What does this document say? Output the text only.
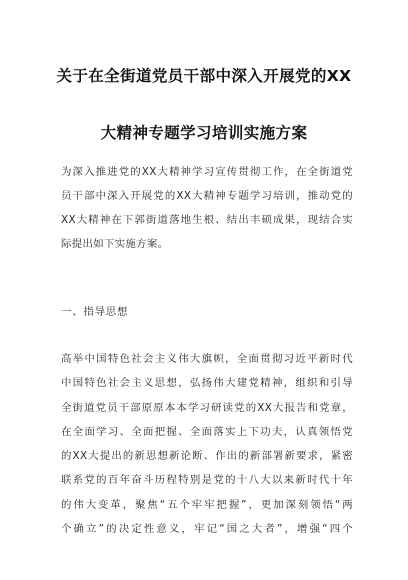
关于在全街道党员干部中深入开展党的XX
大精神专题学习培训实施方案
为深入推进党的XX大精神学习宣传贯彻工作，在全街道党
员干部中深入开展党的XX大精神专题学习培训，推动党的
XX大精神在下郭街道落地生根、结出丰硕成果，现结合实
际提出如下实施方案。
一、指导思想
高举中国特色社会主义伟大旗帜，全面贯彻习近平新时代
中国特色社会主义思想，弘扬伟大建党精神，组织和引导
全街道党员干部原原本本学习研读党的XX大报告和党章，
在全面学习、全面把握、全面落实上下功夫，认真领悟党
的XX大提出的新思想新论断、作出的新部署新要求，紧密
联系党的百年奋斗历程特别是党的十八大以来新时代十年
的伟大变革，聚焦“五个牢牢把握”，更加深刻领悟“两
个确立”的决定性意义，牢记“国之大者”，增强“四个
